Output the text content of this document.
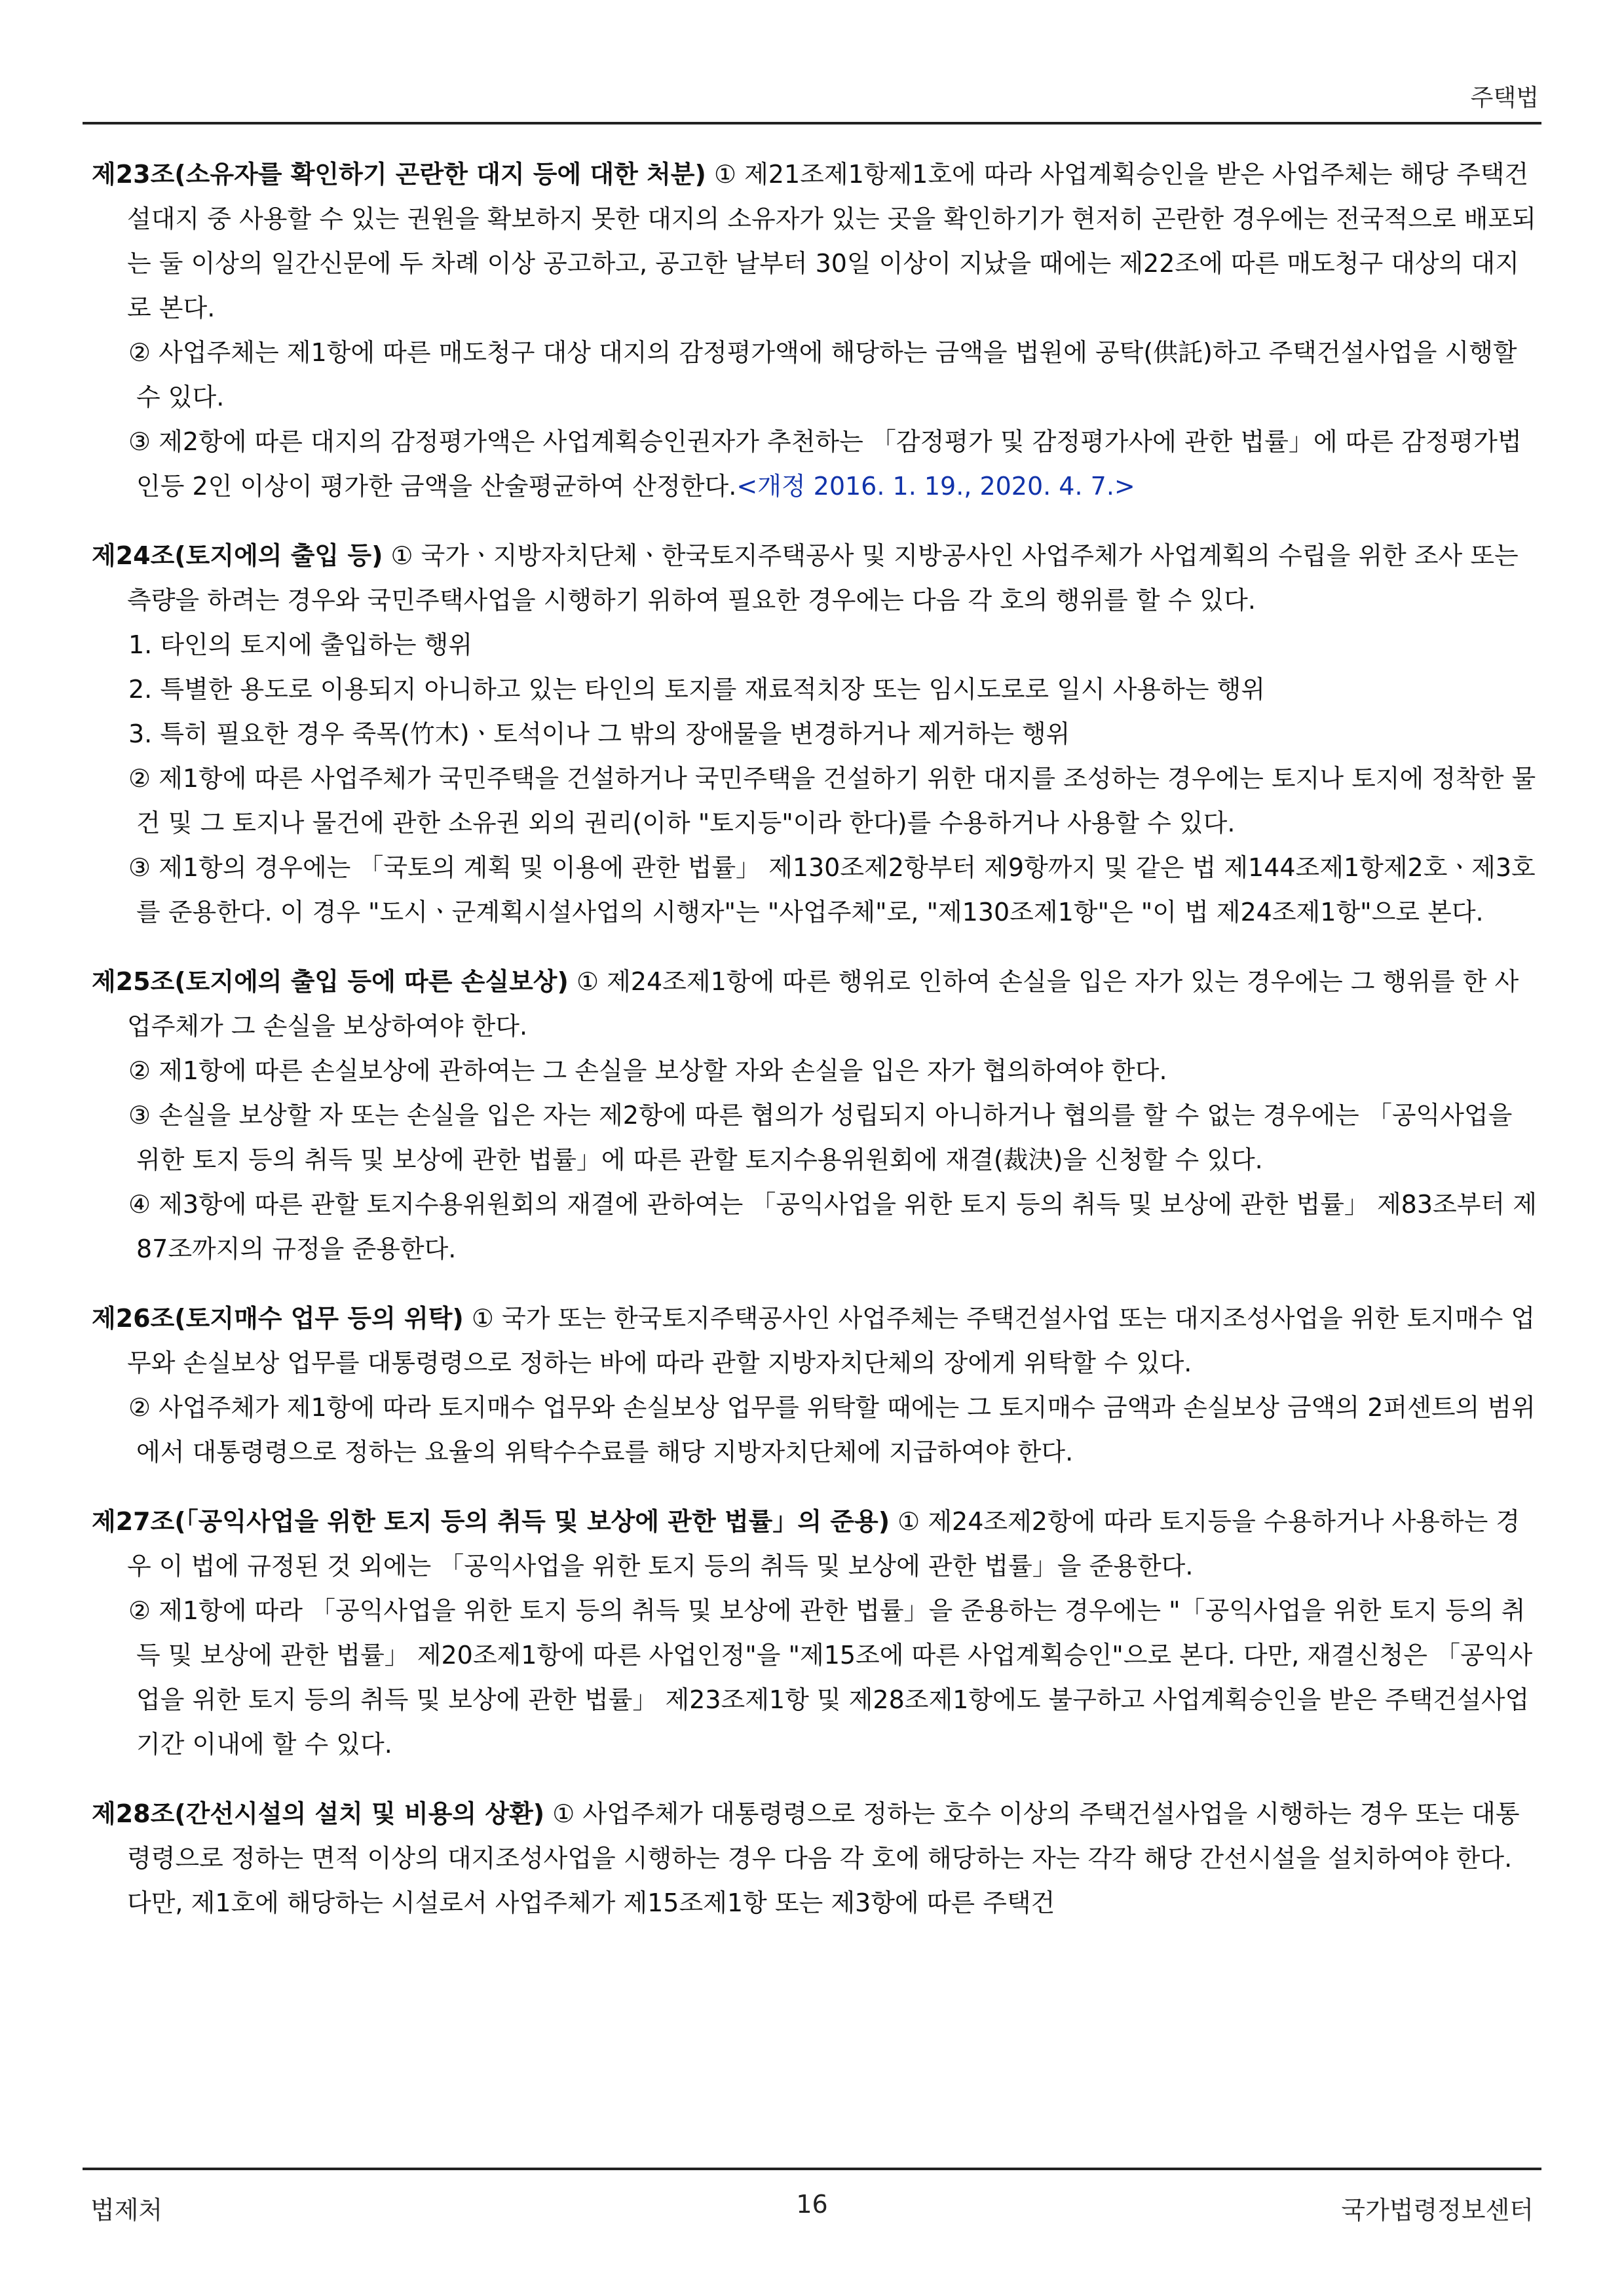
주택법

제23조(소유자를 확인하기 곤란한 대지 등에 대한 처분) ① 제21조제1항제1호에 따라 사업계획승인을 받은 사업주체는 해당 주택건설대지 중 사용할 수 있는 권원을 확보하지 못한 대지의 소유자가 있는 곳을 확인하기가 현저히 곤란한 경우에는 전국적으로 배포되는 둘 이상의 일간신문에 두 차례 이상 공고하고, 공고한 날부터 30일 이상이 지났을 때에는 제22조에 따른 매도청구 대상의 대지로 본다.

② 사업주체는 제1항에 따른 매도청구 대상 대지의 감정평가액에 해당하는 금액을 법원에 공탁(供託)하고 주택건설사업을 시행할 수 있다.

③ 제2항에 따른 대지의 감정평가액은 사업계획승인권자가 추천하는 「감정평가 및 감정평가사에 관한 법률」에 따른 감정평가법인등 2인 이상이 평가한 금액을 산술평균하여 산정한다.<개정 2016. 1. 19., 2020. 4. 7.>

제24조(토지에의 출입 등) ① 국가ㆍ지방자치단체ㆍ한국토지주택공사 및 지방공사인 사업주체가 사업계획의 수립을 위한 조사 또는 측량을 하려는 경우와 국민주택사업을 시행하기 위하여 필요한 경우에는 다음 각 호의 행위를 할 수 있다.

1. 타인의 토지에 출입하는 행위

2. 특별한 용도로 이용되지 아니하고 있는 타인의 토지를 재료적치장 또는 임시도로로 일시 사용하는 행위

3. 특히 필요한 경우 죽목(竹木)ㆍ토석이나 그 밖의 장애물을 변경하거나 제거하는 행위

② 제1항에 따른 사업주체가 국민주택을 건설하거나 국민주택을 건설하기 위한 대지를 조성하는 경우에는 토지나 토지에 정착한 물건 및 그 토지나 물건에 관한 소유권 외의 권리(이하 "토지등"이라 한다)를 수용하거나 사용할 수 있다.

③ 제1항의 경우에는 「국토의 계획 및 이용에 관한 법률」 제130조제2항부터 제9항까지 및 같은 법 제144조제1항제2호ㆍ제3호를 준용한다. 이 경우 "도시ㆍ군계획시설사업의 시행자"는 "사업주체"로, "제130조제1항"은 "이 법 제24조제1항"으로 본다.

제25조(토지에의 출입 등에 따른 손실보상) ① 제24조제1항에 따른 행위로 인하여 손실을 입은 자가 있는 경우에는 그 행위를 한 사업주체가 그 손실을 보상하여야 한다.

② 제1항에 따른 손실보상에 관하여는 그 손실을 보상할 자와 손실을 입은 자가 협의하여야 한다.

③ 손실을 보상할 자 또는 손실을 입은 자는 제2항에 따른 협의가 성립되지 아니하거나 협의를 할 수 없는 경우에는 「공익사업을 위한 토지 등의 취득 및 보상에 관한 법률」에 따른 관할 토지수용위원회에 재결(裁決)을 신청할 수 있다.

④ 제3항에 따른 관할 토지수용위원회의 재결에 관하여는 「공익사업을 위한 토지 등의 취득 및 보상에 관한 법률」 제83조부터 제87조까지의 규정을 준용한다.

제26조(토지매수 업무 등의 위탁) ① 국가 또는 한국토지주택공사인 사업주체는 주택건설사업 또는 대지조성사업을 위한 토지매수 업무와 손실보상 업무를 대통령령으로 정하는 바에 따라 관할 지방자치단체의 장에게 위탁할 수 있다.

② 사업주체가 제1항에 따라 토지매수 업무와 손실보상 업무를 위탁할 때에는 그 토지매수 금액과 손실보상 금액의 2퍼센트의 범위에서 대통령령으로 정하는 요율의 위탁수수료를 해당 지방자치단체에 지급하여야 한다.

제27조(「공익사업을 위한 토지 등의 취득 및 보상에 관한 법률」의 준용) ① 제24조제2항에 따라 토지등을 수용하거나 사용하는 경우 이 법에 규정된 것 외에는 「공익사업을 위한 토지 등의 취득 및 보상에 관한 법률」을 준용한다.

② 제1항에 따라 「공익사업을 위한 토지 등의 취득 및 보상에 관한 법률」을 준용하는 경우에는 "「공익사업을 위한 토지 등의 취득 및 보상에 관한 법률」 제20조제1항에 따른 사업인정"을 "제15조에 따른 사업계획승인"으로 본다. 다만, 재결신청은 「공익사업을 위한 토지 등의 취득 및 보상에 관한 법률」 제23조제1항 및 제28조제1항에도 불구하고 사업계획승인을 받은 주택건설사업 기간 이내에 할 수 있다.

제28조(간선시설의 설치 및 비용의 상환) ① 사업주체가 대통령령으로 정하는 호수 이상의 주택건설사업을 시행하는 경우 또는 대통령령으로 정하는 면적 이상의 대지조성사업을 시행하는 경우 다음 각 호에 해당하는 자는 각각 해당 간선시설을 설치하여야 한다. 다만, 제1호에 해당하는 시설로서 사업주체가 제15조제1항 또는 제3항에 따른 주택건

법제처	16	국가법령정보센터
